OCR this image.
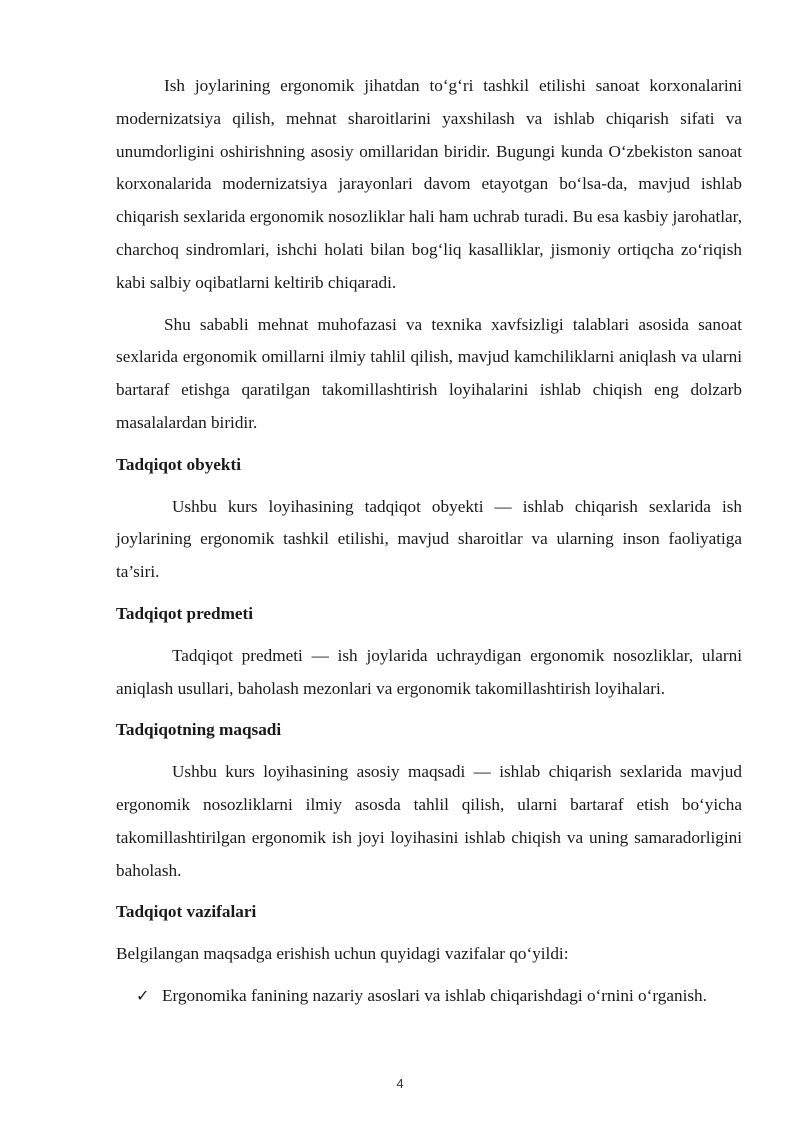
Ish joylarining ergonomik jihatdan to‘g‘ri tashkil etilishi sanoat korxonalarini modernizatsiya qilish, mehnat sharoitlarini yaxshilash va ishlab chiqarish sifati va unumdorligini oshirishning asosiy omillaridan biridir. Bugungi kunda O‘zbekiston sanoat korxonalarida modernizatsiya jarayonlari davom etayotgan bo‘lsa-da, mavjud ishlab chiqarish sexlarida ergonomik nosozliklar hali ham uchrab turadi. Bu esa kasbiy jarohatlar, charchoq sindromlari, ishchi holati bilan bog‘liq kasalliklar, jismoniy ortiqcha zo‘riqish kabi salbiy oqibatlarni keltirib chiqaradi.

Shu sababli mehnat muhofazasi va texnika xavfsizligi talablari asosida sanoat sexlarida ergonomik omillarni ilmiy tahlil qilish, mavjud kamchiliklarni aniqlash va ularni bartaraf etishga qaratilgan takomillashtirish loyihalarini ishlab chiqish eng dolzarb masalalardan biridir.

Tadqiqot obyekti

Ushbu kurs loyihasining tadqiqot obyekti — ishlab chiqarish sexlarida ish joylarining ergonomik tashkil etilishi, mavjud sharoitlar va ularning inson faoliyatiga ta’siri.

Tadqiqot predmeti

Tadqiqot predmeti — ish joylarida uchraydigan ergonomik nosozliklar, ularni aniqlash usullari, baholash mezonlari va ergonomik takomillashtirish loyihalari.

Tadqiqotning maqsadi

Ushbu kurs loyihasining asosiy maqsadi — ishlab chiqarish sexlarida mavjud ergonomik nosozliklarni ilmiy asosda tahlil qilish, ularni bartaraf etish bo‘yicha takomillashtirilgan ergonomik ish joyi loyihasini ishlab chiqish va uning samaradorligini baholash.

Tadqiqot vazifalari

Belgilangan maqsadga erishish uchun quyidagi vazifalar qo‘yildi:

✓ Ergonomika fanining nazariy asoslari va ishlab chiqarishdagi o‘rnini o‘rganish.
4
